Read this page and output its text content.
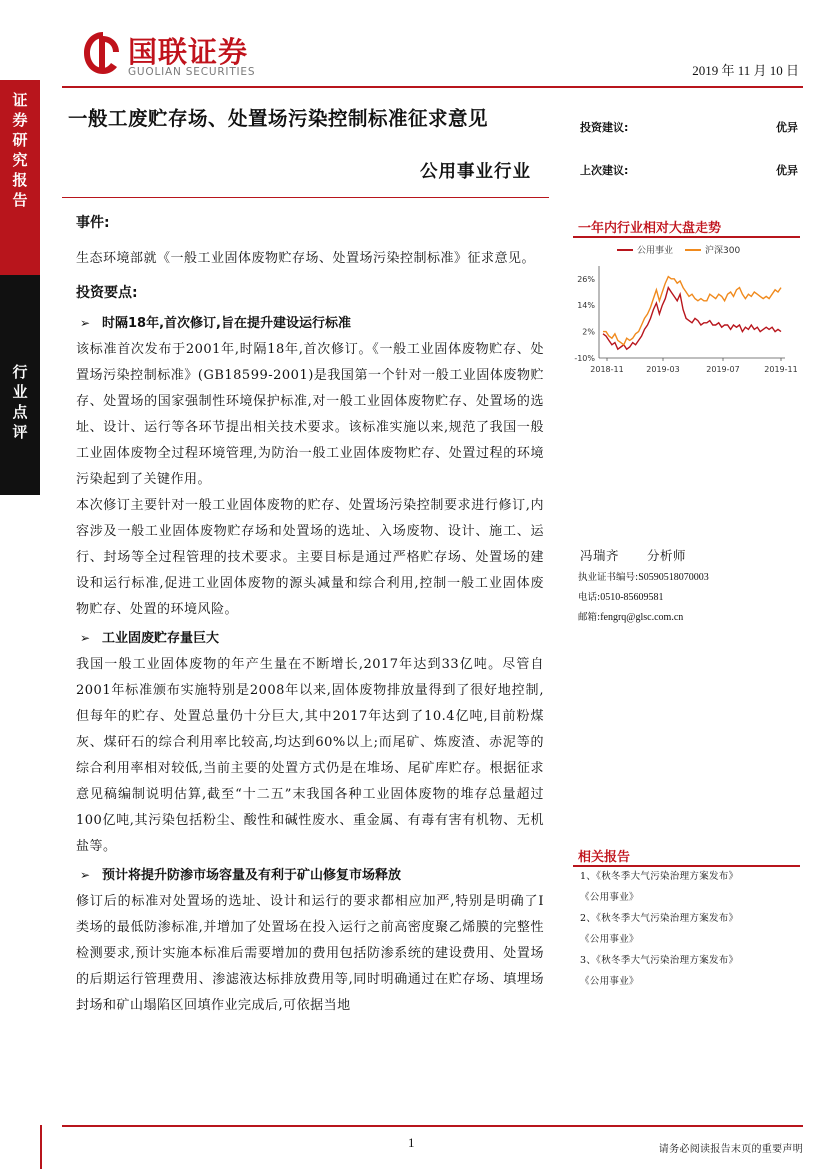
证券研究报告
行业点评
国联证券
GUOLIAN SECURITIES	2019 年 11 月 10 日
一般工废贮存场、处置场污染控制标准征求意见
公用事业行业
投资建议:	优异
上次建议:	优异
事件:
生态环境部就《一般工业固体废物贮存场、处置场污染控制标准》征求意见。
投资要点:
➢ 时隔18年,首次修订,旨在提升建设运行标准
该标准首次发布于2001年,时隔18年,首次修订。《一般工业固体废物贮存、处置场污染控制标准》(GB18599-2001)是我国第一个针对一般工业固体废物贮存、处置场的国家强制性环境保护标准,对一般工业固体废物贮存、处置场的选址、设计、运行等各环节提出相关技术要求。该标准实施以来,规范了我国一般工业固体废物全过程环境管理,为防治一般工业固体废物贮存、处置过程的环境污染起到了关键作用。
本次修订主要针对一般工业固体废物的贮存、处置场污染控制要求进行修订,内容涉及一般工业固体废物贮存场和处置场的选址、入场废物、设计、施工、运行、封场等全过程管理的技术要求。主要目标是通过严格贮存场、处置场的建设和运行标准,促进工业固体废物的源头减量和综合利用,控制一般工业固体废物贮存、处置的环境风险。
➢ 工业固废贮存量巨大
我国一般工业固体废物的年产生量在不断增长,2017年达到33亿吨。尽管自2001年标准颁布实施特别是2008年以来,固体废物排放量得到了很好地控制,但每年的贮存、处置总量仍十分巨大,其中2017年达到了10.4亿吨,目前粉煤灰、煤矸石的综合利用率比较高,均达到60%以上;而尾矿、炼废渣、赤泥等的综合利用率相对较低,当前主要的处置方式仍是在堆场、尾矿库贮存。根据征求意见稿编制说明估算,截至“十二五”末我国各种工业固体废物的堆存总量超过100亿吨,其污染包括粉尘、酸性和碱性废水、重金属、有毒有害有机物、无机盐等。
➢ 预计将提升防渗市场容量及有利于矿山修复市场释放
修订后的标准对处置场的选址、设计和运行的要求都相应加严,特别是明确了I类场的最低防渗标准,并增加了处置场在投入运行之前高密度聚乙烯膜的完整性检测要求,预计实施本标准后需要增加的费用包括防渗系统的建设费用、处置场的后期运行管理费用、渗滤液达标排放费用等,同时明确通过在贮存场、填埋场封场和矿山塌陷区回填作业完成后,可依据当地
一年内行业相对大盘走势
公用事业	沪深300
26%
14%
2%
-10%
2018-11	2019-03	2019-07	2019-11
冯瑞齐 分析师
执业证书编号:S0590518070003
电话:0510-85609581
邮箱:fengrq@glsc.com.cn
相关报告
1、《秋冬季大气污染治理方案发布》
《公用事业》
2、《秋冬季大气污染治理方案发布》
《公用事业》
3、《秋冬季大气污染治理方案发布》
《公用事业》
1	请务必阅读报告末页的重要声明
